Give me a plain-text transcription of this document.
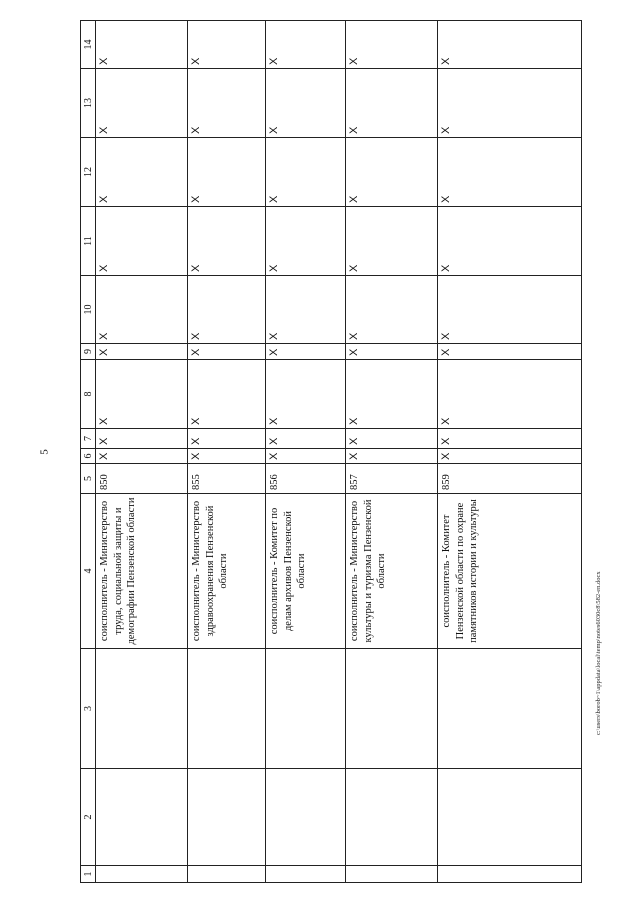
5
1	2	3	4	5	6	7	8	9	10	11	12	13	14
			соисполнитель - Министерство труда, социальной защиты и демографии Пензенской области	850	X	X	X	X	X	X	X	X	X
			соисполнитель - Министерство здравоохранения Пензенской области	855	X	X	X	X	X	X	X	X	X
			соисполнитель - Комитет по делам архивов Пензенской области	856	X	X	X	X	X	X	X	X	X
			соисполнитель - Министерство культуры и туризма Пензенской области	857	X	X	X	X	X	X	X	X	X
			соисполнитель - Комитет Пензенской области по охране памятников истории и культуры	859	X	X	X	X	X	X	X	X	X
c:\users\borob~1\appdata\local\temp\notes6030c8\582-en.docx
